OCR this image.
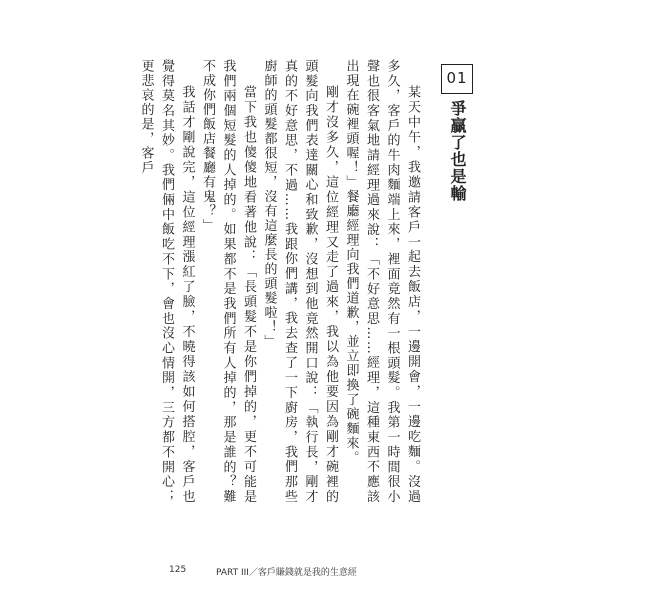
01
爭贏了也是輸

某天中午，我邀請客戶一起去飯店，一邊開會，一邊吃麵。沒過多久，客戶的牛肉麵端上來，裡面竟然有一根頭髮。我第一時間很小聲也很客氣地請經理過來說：「不好意思……經理，這種東西不應該出現在碗裡頭喔！」餐廳經理向我們道歉，並立即換了碗麵來。

剛才沒多久，這位經理又走了過來，我以為他要因為剛才碗裡的頭髮向我們表達關心和致歉，沒想到他竟然開口說：「執行長，剛才真的不好意思，不過……我跟你們講，我去查了一下廚房，我們那些廚師的頭髮都很短，沒有這麼長的頭髮啦！」

當下我也傻傻地看著他說：「長頭髮不是你們掉的，更不可能是我們兩個短髮的人掉的。如果都不是我們所有人掉的，那是誰的？難不成你們飯店餐廳有鬼？」

我話才剛說完，這位經理漲紅了臉，不曉得該如何搭腔，客戶也覺得莫名其妙。我們倆中飯吃不下，會也沒心情開，三方都不開心；更悲哀的是，客戶

125	PART III／客戶賺錢就是我的生意經
